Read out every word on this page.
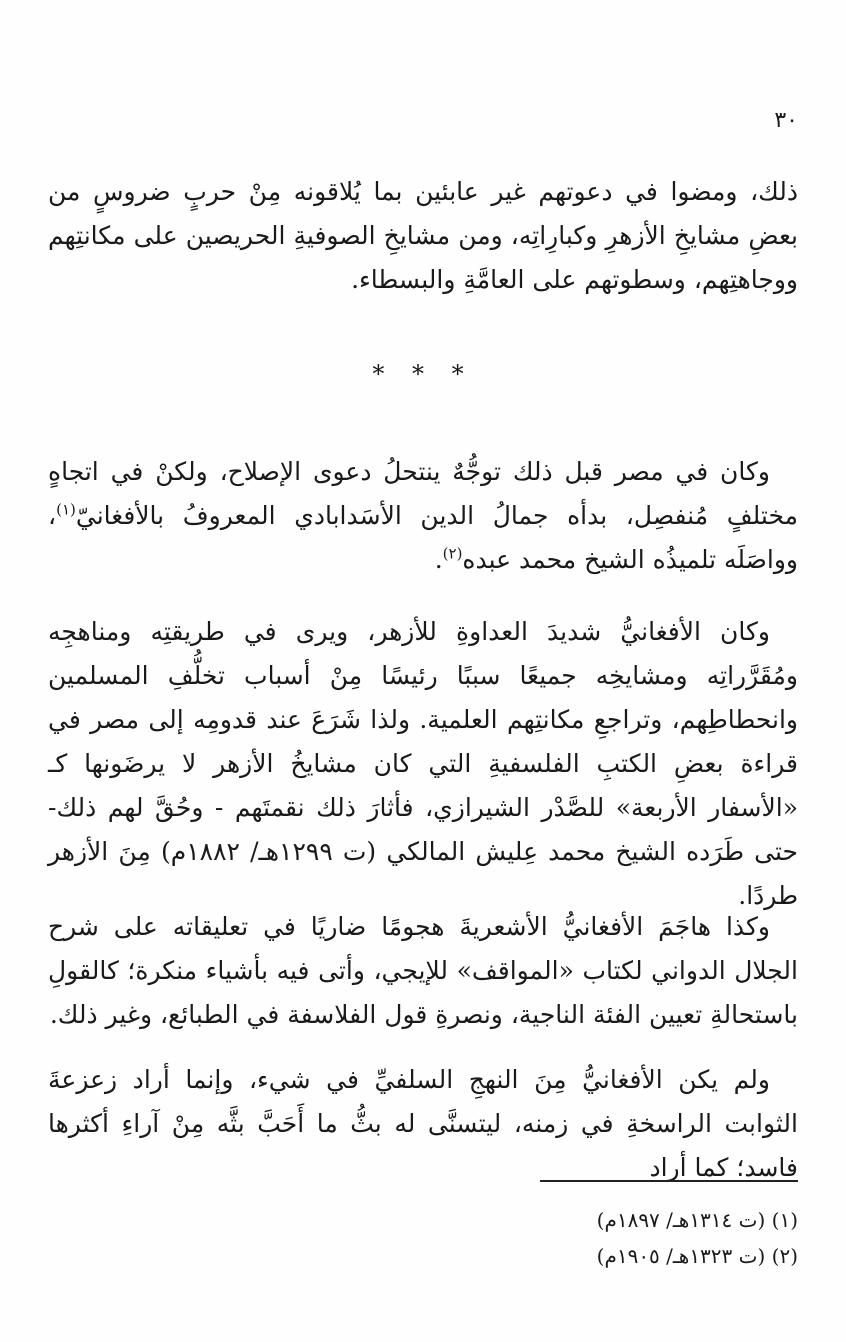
٣٠
ذلك، ومضوا في دعوتهم غير عابئين بما يُلاقونه مِنْ حربٍ ضروسٍ من بعضِ مشايخِ الأزهرِ وكبارِاتِه، ومن مشايخِ الصوفيةِ الحريصين على مكانتِهم ووجاهتِهم، وسطوتهم على العامَّةِ والبسطاء.
* * *
وكان في مصر قبل ذلك توجُّهٌ ينتحلُ دعوى الإصلاح، ولكنْ في اتجاهٍ مختلفٍ مُنفصِل، بدأه جمالُ الدين الأسَدابادي المعروفُ بالأفغانيّ$^{(١)}$، وواصَلَه تلميذُه الشيخ محمد عبده$^{(٢)}$.
وكان الأفغانيُّ شديدَ العداوةِ للأزهر، ويرى في طريقتِه ومناهجِه ومُقَرَّراتِه ومشايخِه جميعًا سببًا رئيسًا مِنْ أسباب تخلُّفِ المسلمين وانحطاطِهم، وتراجعِ مكانتِهم العلمية. ولذا شَرَعَ عند قدومِه إلى مصر في قراءة بعضِ الكتبِ الفلسفيةِ التي كان مشايخُ الأزهر لا يرضَونها كـ «الأسفار الأربعة» للصَّدْر الشيرازي، فأثارَ ذلك نقمتَهم - وحُقَّ لهم ذلك- حتى طَرَده الشيخ محمد عِليش المالكي (ت ١٢٩٩هـ/ ١٨٨٢م) مِنَ الأزهر طردًا.
وكذا هاجَمَ الأفغانيُّ الأشعريةَ هجومًا ضاريًا في تعليقاته على شرح الجلال الدواني لكتاب «المواقف» للإيجي، وأتى فيه بأشياء منكرة؛ كالقولِ باستحالةِ تعيين الفئة الناجية، ونصرةِ قول الفلاسفة في الطبائع، وغير ذلك.
ولم يكن الأفغانيُّ مِنَ النهجِ السلفيِّ في شيء، وإنما أراد زعزعةَ الثوابت الراسخةِ في زمنه، ليتسنَّى له بثُّ ما أَحَبَّ بثَّه مِنْ آراءِ أكثرها فاسد؛ كما أراد
(١) (ت ١٣١٤هـ/ ١٨٩٧م)
(٢) (ت ١٣٢٣هـ/ ١٩٠٥م)
